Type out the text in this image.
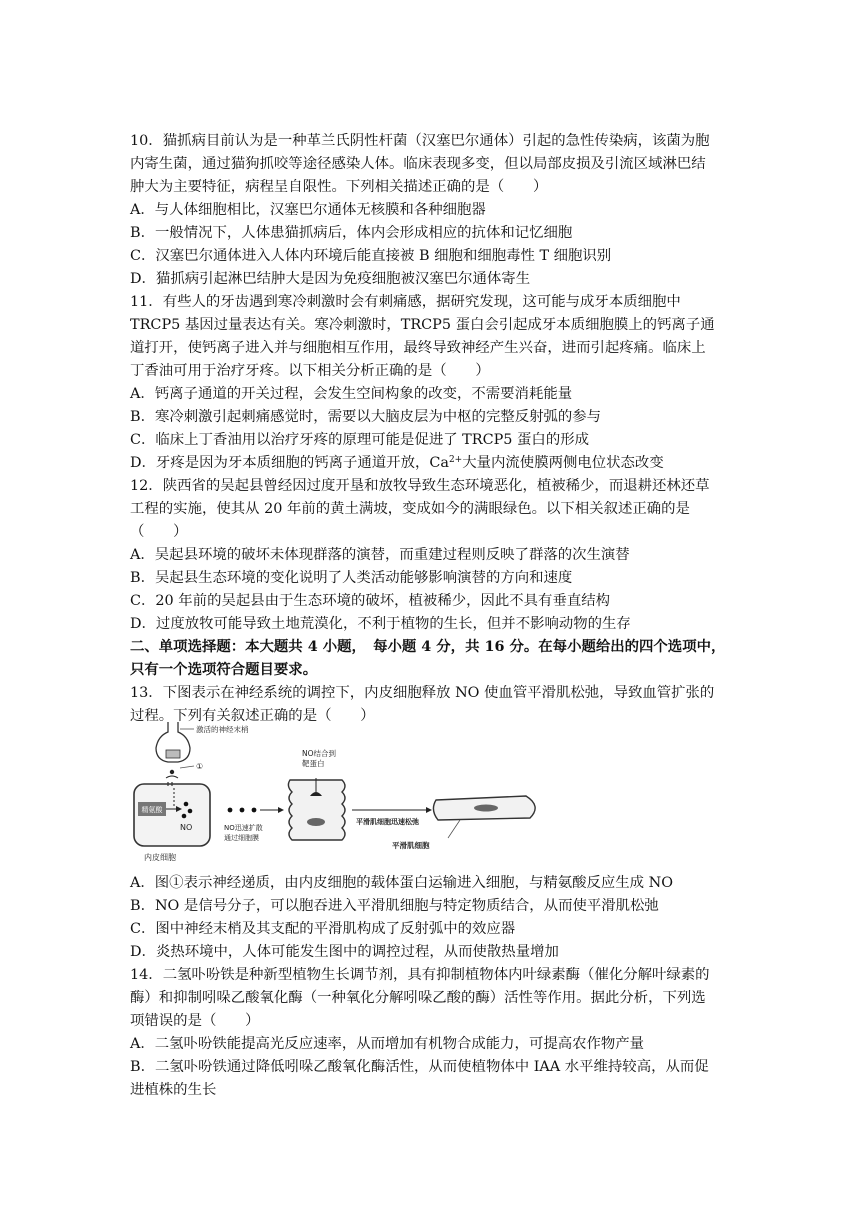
10．猫抓病目前认为是一种革兰氏阴性杆菌（汉塞巴尔通体）引起的急性传染病，该菌为胞
内寄生菌，通过猫狗抓咬等途径感染人体。临床表现多变，但以局部皮损及引流区域淋巴结
肿大为主要特征，病程呈自限性。下列相关描述正确的是（　　）
A．与人体细胞相比，汉塞巴尔通体无核膜和各种细胞器
B．一般情况下，人体患猫抓病后，体内会形成相应的抗体和记忆细胞
C．汉塞巴尔通体进入人体内环境后能直接被 B 细胞和细胞毒性 T 细胞识别
D．猫抓病引起淋巴结肿大是因为免疫细胞被汉塞巴尔通体寄生
11．有些人的牙齿遇到寒冷刺激时会有刺痛感，据研究发现，这可能与成牙本质细胞中
TRCP5 基因过量表达有关。寒冷刺激时，TRCP5 蛋白会引起成牙本质细胞膜上的钙离子通
道打开，使钙离子进入并与细胞相互作用，最终导致神经产生兴奋，进而引起疼痛。临床上
丁香油可用于治疗牙疼。以下相关分析正确的是（　　）
A．钙离子通道的开关过程，会发生空间构象的改变，不需要消耗能量
B．寒冷刺激引起刺痛感觉时，需要以大脑皮层为中枢的完整反射弧的参与
C．临床上丁香油用以治疗牙疼的原理可能是促进了 TRCP5 蛋白的形成
D．牙疼是因为牙本质细胞的钙离子通道开放，$Ca^{2+}$大量内流使膜两侧电位状态改变
12．陕西省的吴起县曾经因过度开垦和放牧导致生态环境恶化，植被稀少，而退耕还林还草
工程的实施，使其从 20 年前的黄土满坡，变成如今的满眼绿色。以下相关叙述正确的是
（　　）
A．吴起县环境的破坏未体现群落的演替，而重建过程则反映了群落的次生演替
B．吴起县生态环境的变化说明了人类活动能够影响演替的方向和速度
C．20 年前的吴起县由于生态环境的破坏，植被稀少，因此不具有垂直结构
D．过度放牧可能导致土地荒漠化，不利于植物的生长，但并不影响动物的生存
二、单项选择题：本大题共 4 小题，　每小题 4 分，共 16 分。在每小题给出的四个选项中，
只有一个选项符合题目要求。
13．下图表示在神经系统的调控下，内皮细胞释放 NO 使血管平滑肌松弛，导致血管扩张的
过程。下列有关叙述正确的是（　　）
激活的神经末梢
①
精氨酸
NO
内皮细胞
NO迅速扩散
通过细胞膜
NO结合到
靶蛋白
平滑肌细胞迅速松弛
平滑肌细胞
A．图①表示神经递质，由内皮细胞的载体蛋白运输进入细胞，与精氨酸反应生成 NO
B．NO 是信号分子，可以胞吞进入平滑肌细胞与特定物质结合，从而使平滑肌松弛
C．图中神经末梢及其支配的平滑肌构成了反射弧中的效应器
D．炎热环境中，人体可能发生图中的调控过程，从而使散热量增加
14．二氢卟吩铁是种新型植物生长调节剂，具有抑制植物体内叶绿素酶（催化分解叶绿素的
酶）和抑制吲哚乙酸氧化酶（一种氧化分解吲哚乙酸的酶）活性等作用。据此分析，下列选
项错误的是（　　）
A．二氢卟吩铁能提高光反应速率，从而增加有机物合成能力，可提高农作物产量
B．二氢卟吩铁通过降低吲哚乙酸氧化酶活性，从而使植物体中 IAA 水平维持较高，从而促
进植株的生长
